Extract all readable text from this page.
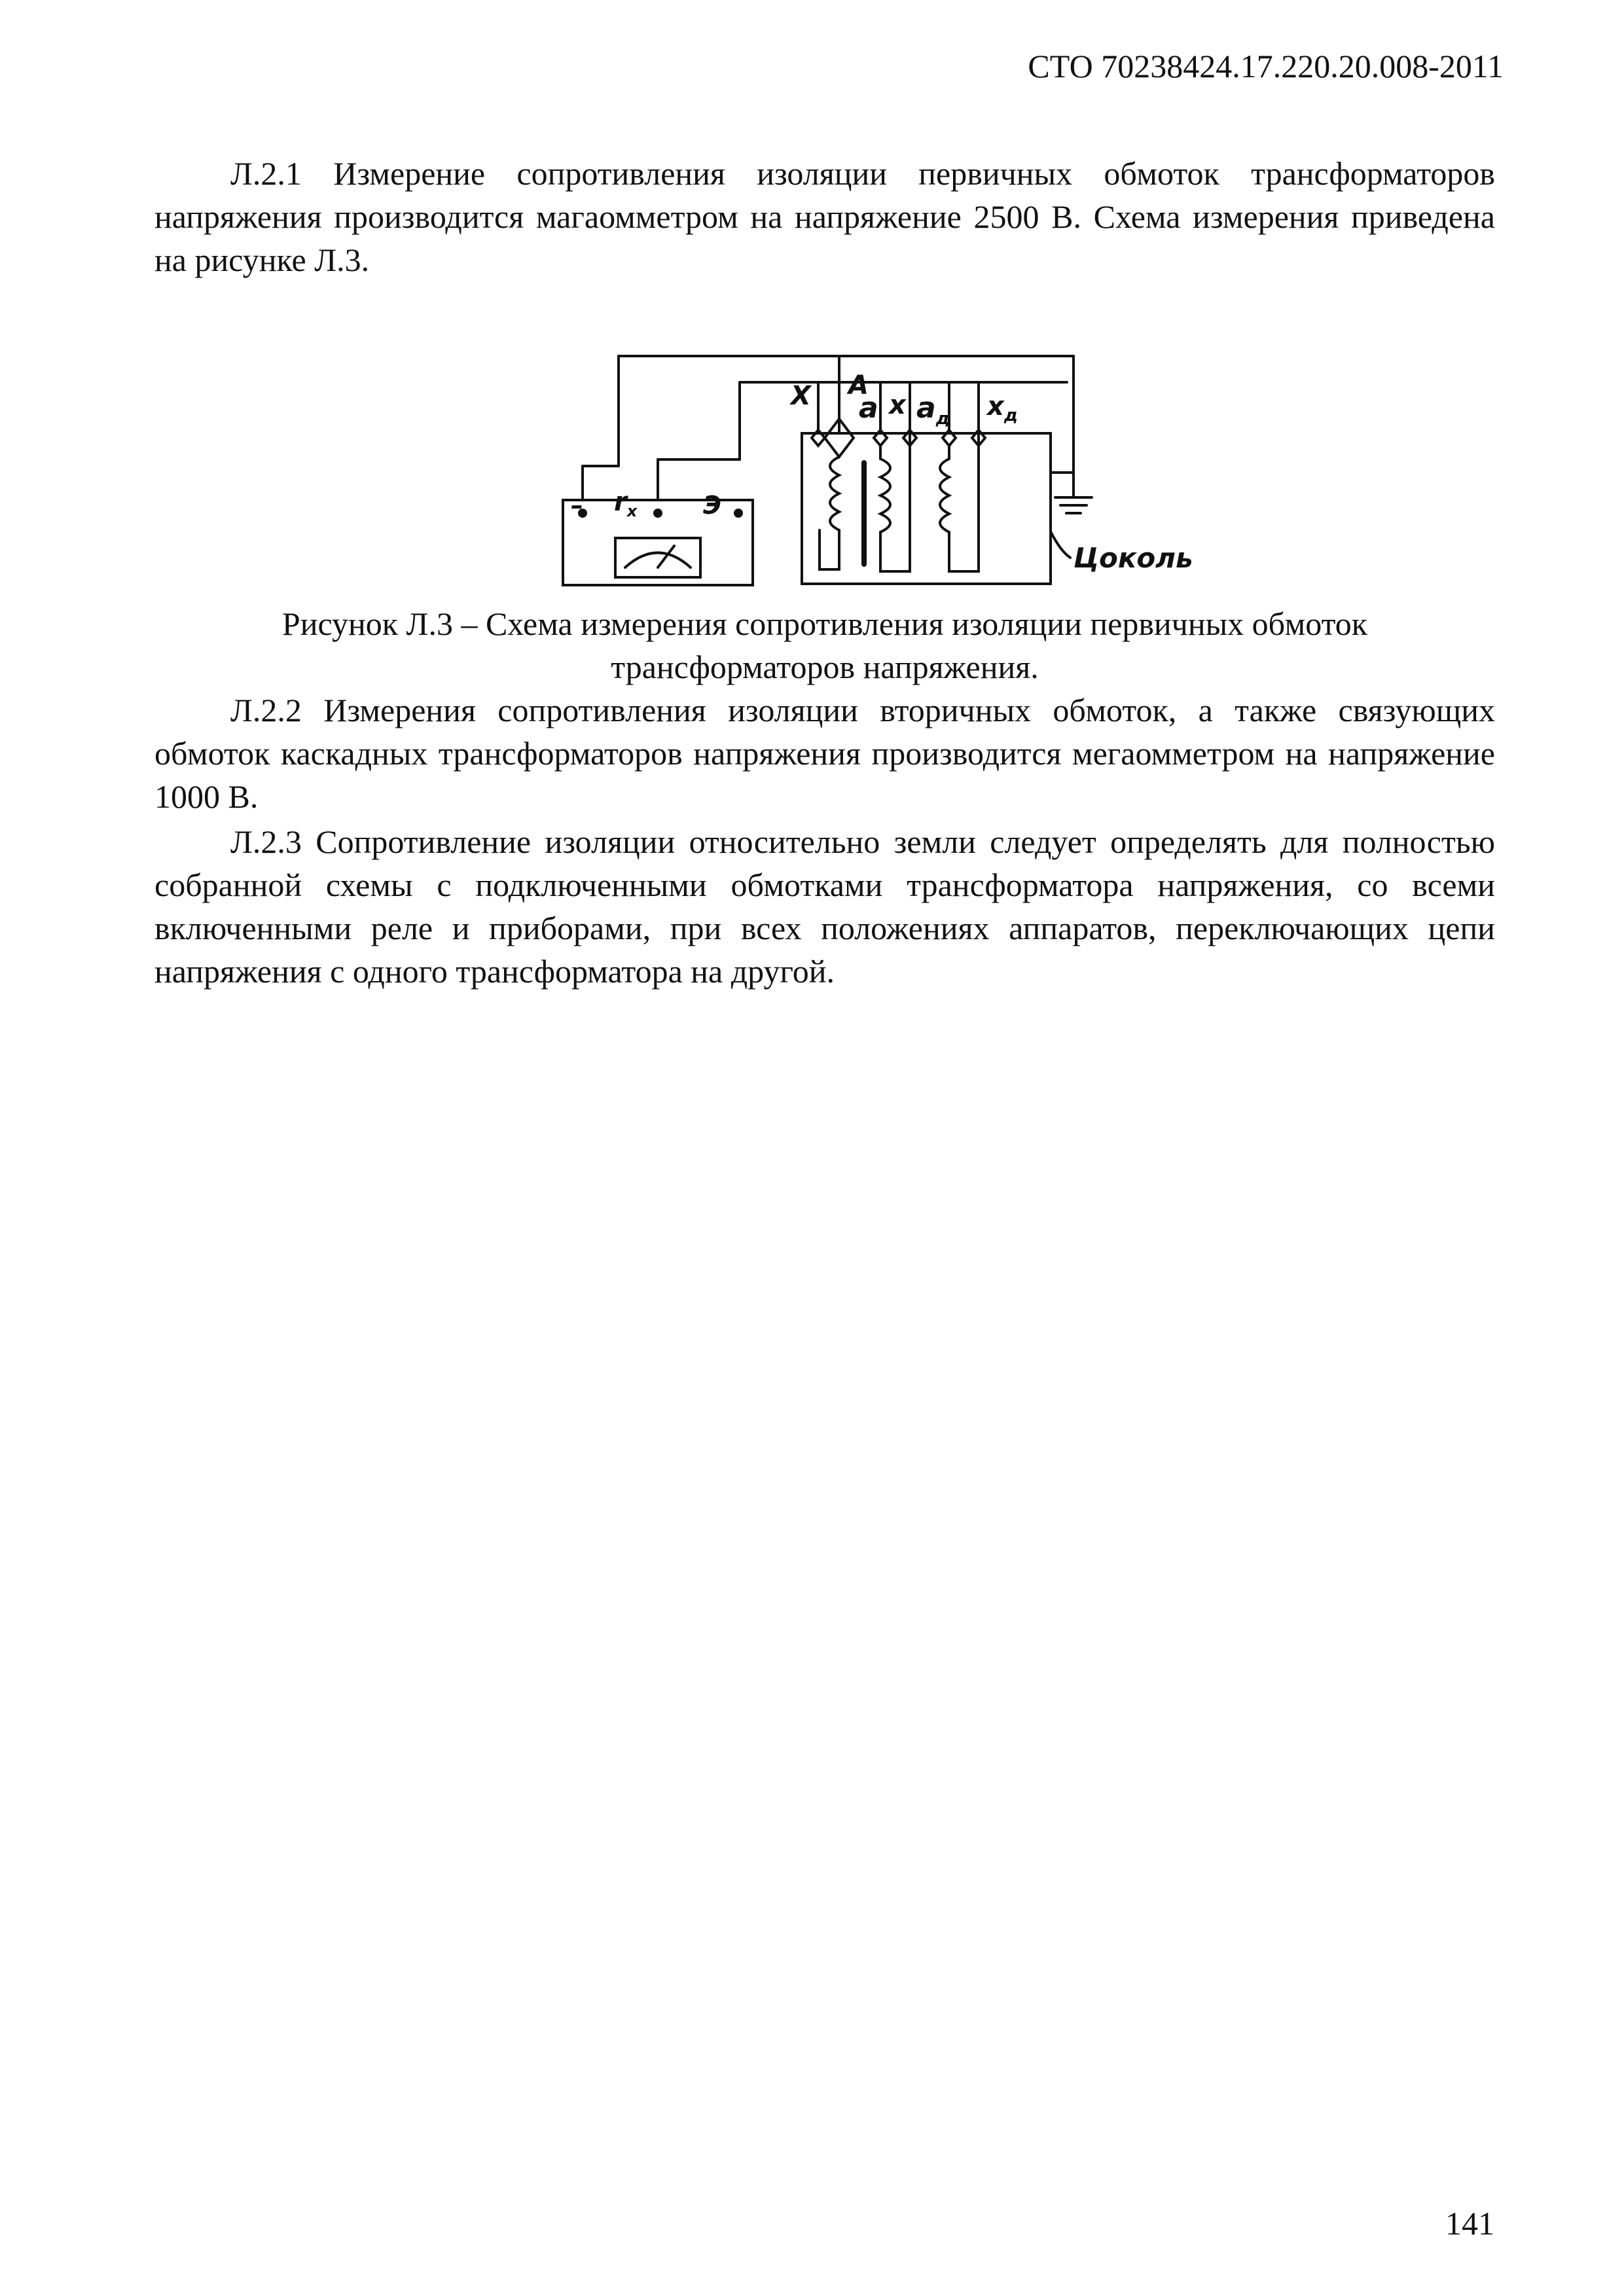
СТО 70238424.17.220.20.008-2011

Л.2.1 Измерение сопротивления изоляции первичных обмоток трансформаторов напряжения производится магаомметром на напряжение 2500 В. Схема измерения приведена на рисунке Л.3.

X A
a x $a_д$ $x_д$
– $r_x$	Э
Цоколь
Рисунок Л.3 – Схема измерения сопротивления изоляции первичных обмоток
трансформаторов напряжения.

Л.2.2 Измерения сопротивления изоляции вторичных обмоток, а также связующих обмоток каскадных трансформаторов напряжения производится мегаомметром на напряжение 1000 В.

Л.2.3 Сопротивление изоляции относительно земли следует определять для полностью собранной схемы с подключенными обмотками трансформатора напряжения, со всеми включенными реле и приборами, при всех положениях аппаратов, переключающих цепи напряжения с одного трансформатора на другой.

141
